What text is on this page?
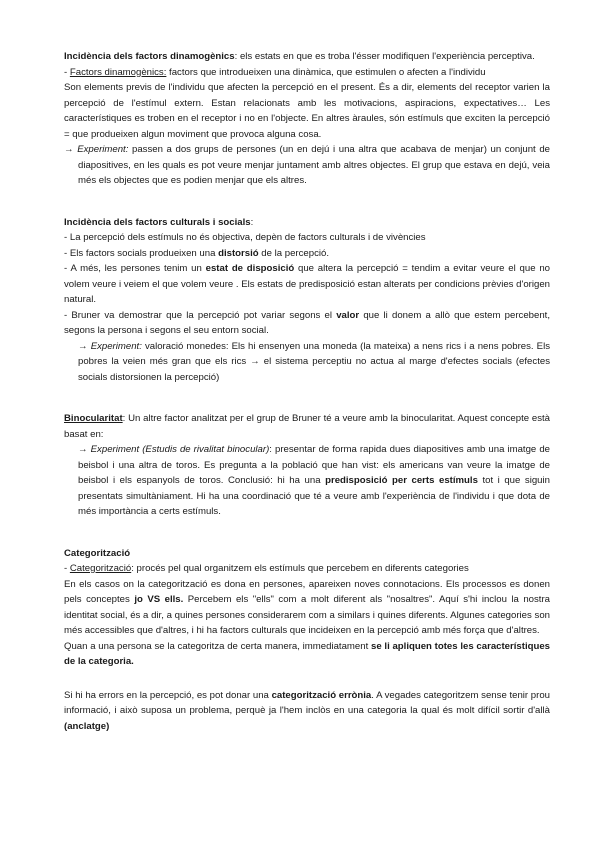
Incidència dels factors dinamogènics: els estats en que es troba l'ésser modifiquen l'experiència perceptiva.

- Factors dinamogènics: factors que introdueixen una dinàmica, que estimulen o afecten a l'individu

Son elements previs de l'individu que afecten la percepció en el present. És a dir, elements del receptor varien la percepció de l'estímul extern. Estan relacionats amb les motivacions, aspiracions, expectatives… Les característiques es troben en el receptor i no en l'objecte. En altres àraules, són estímuls que exciten la percepció = que produeixen algun moviment que provoca alguna cosa.

→ Experiment: passen a dos grups de persones (un en dejú i una altra que acabava de menjar) un conjunt de diapositives, en les quals es pot veure menjar juntament amb altres objectes. El grup que estava en dejú, veia més els objectes que es podien menjar que els altres.

Incidència dels factors culturals i socials:

- La percepció dels estímuls no és objectiva, depèn de factors culturals i de vivències

- Els factors socials produeixen una distorsió de la percepció.

- A més, les persones tenim un estat de disposició que altera la percepció = tendim a evitar veure el que no volem veure i veiem el que volem veure . Els estats de predisposició estan alterats per condicions prèvies d'origen natural.

- Bruner va demostrar que la percepció pot variar segons el valor que li donem a allò que estem percebent, segons la persona i segons el seu entorn social.

→ Experiment: valoració monedes: Els hi ensenyen una moneda (la mateixa) a nens rics i a nens pobres. Els pobres la veien més gran que els rics → el sistema perceptiu no actua al marge d'efectes socials (efectes socials distorsionen la percepció)

Binocularitat: Un altre factor analitzat per el grup de Bruner té a veure amb la binocularitat. Aquest concepte està basat en:

→ Experiment (Estudis de rivalitat binocular): presentar de forma rapida dues diapositives amb una imatge de beisbol i una altra de toros. Es pregunta a la població que han vist: els americans van veure la imatge de beisbol i els espanyols de toros. Conclusió: hi ha una predisposició per certs estímuls tot i que siguin presentats simultàniament. Hi ha una coordinació que té a veure amb l'experiència de l'individu i que dota de més importància a certs estímuls.

Categorització

- Categorització: procés pel qual organitzem els estímuls que percebem en diferents categories

En els casos on la categorització es dona en persones, apareixen noves connotacions. Els processos es donen pels conceptes jo VS ells. Percebem els "ells" com a molt diferent als "nosaltres". Aquí s'hi inclou la nostra identitat social, és a dir, a quines persones considerarem com a similars i quines diferents. Algunes categories son més accessibles que d'altres, i hi ha factors culturals que incideixen en la percepció amb més força que d'altres.

Quan a una persona se la categoritza de certa manera, immediatament se li apliquen totes les característiques de la categoria.

Si hi ha errors en la percepció, es pot donar una categorització errònia. A vegades categoritzem sense tenir prou informació, i això suposa un problema, perquè ja l'hem inclòs en una categoria la qual és molt difícil sortir d'allà (anclatge)
